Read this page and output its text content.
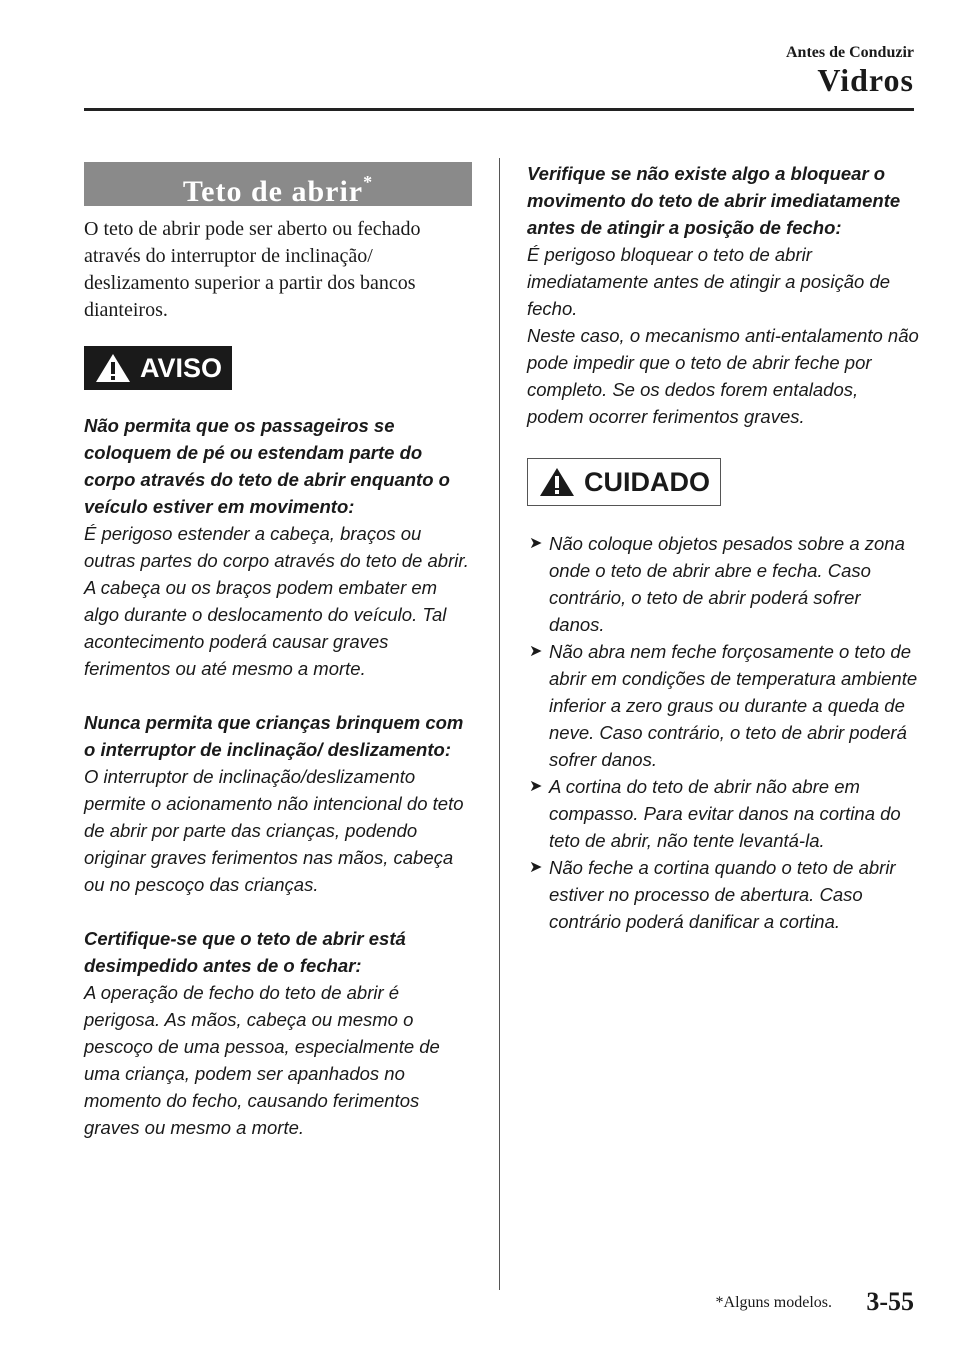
Antes de Conduzir
Vidros
Teto de abrir*

O teto de abrir pode ser aberto ou fechado através do interruptor de inclinação/ deslizamento superior a partir dos bancos dianteiros.

AVISO
Não permita que os passageiros se coloquem de pé ou estendam parte do corpo através do teto de abrir enquanto o veículo estiver em movimento:
É perigoso estender a cabeça, braços ou outras partes do corpo através do teto de abrir. A cabeça ou os braços podem embater em algo durante o deslocamento do veículo. Tal acontecimento poderá causar graves ferimentos ou até mesmo a morte.
Nunca permita que crianças brinquem com o interruptor de inclinação/ deslizamento:
O interruptor de inclinação/deslizamento permite o acionamento não intencional do teto de abrir por parte das crianças, podendo originar graves ferimentos nas mãos, cabeça ou no pescoço das crianças.
Certifique-se que o teto de abrir está desimpedido antes de o fechar:
A operação de fecho do teto de abrir é perigosa. As mãos, cabeça ou mesmo o pescoço de uma pessoa, especialmente de uma criança, podem ser apanhados no momento do fecho, causando ferimentos graves ou mesmo a morte.
Verifique se não existe algo a bloquear o movimento do teto de abrir imediatamente antes de atingir a posição de fecho:
É perigoso bloquear o teto de abrir imediatamente antes de atingir a posição de fecho.
Neste caso, o mecanismo anti-entalamento não pode impedir que o teto de abrir feche por completo. Se os dedos forem entalados, podem ocorrer ferimentos graves.
CUIDADO
➤ Não coloque objetos pesados sobre a zona onde o teto de abrir abre e fecha. Caso contrário, o teto de abrir poderá sofrer danos.
➤ Não abra nem feche forçosamente o teto de abrir em condições de temperatura ambiente inferior a zero graus ou durante a queda de neve. Caso contrário, o teto de abrir poderá sofrer danos.
➤ A cortina do teto de abrir não abre em compasso. Para evitar danos na cortina do teto de abrir, não tente levantá-la.
➤ Não feche a cortina quando o teto de abrir estiver no processo de abertura. Caso contrário poderá danificar a cortina.
*Alguns modelos. 3-55
